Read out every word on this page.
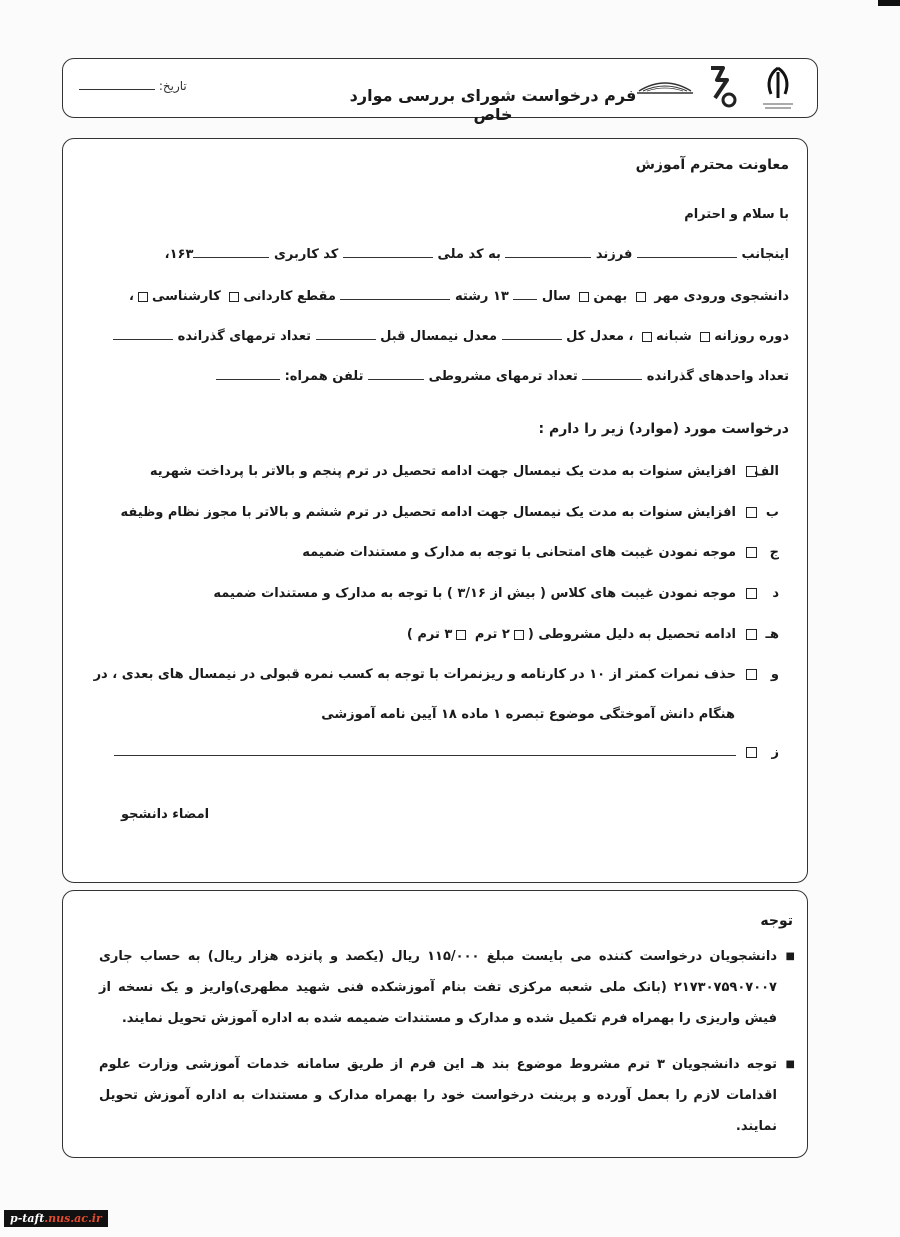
تاریخ:	فرم درخواست شورای بررسی موارد خاص
معاونت محترم آموزش
با سلام و احترام
اینجانب  فرزند  به کد ملی  کد کاربری ۱۶۳،
دانشجوی ورودی مهر  بهمن سال  ۱۳ رشته  مقطع کاردانی کارشناسی،
دوره روزانه شبانه ، معدل کل  معدل نیمسال قبل  تعداد ترمهای گذرانده
تعداد واحدهای گذرانده  تعداد ترمهای مشروطی  تلفن همراه:
درخواست مورد (موارد) زیر را دارم :
الفافزایش سنوات به مدت یک نیمسال جهت ادامه تحصیل در ترم پنجم و بالاتر با پرداخت شهریه
بافزایش سنوات به مدت یک نیمسال جهت ادامه تحصیل در ترم ششم و بالاتر با مجوز نظام وظیفه
جموجه نمودن غیبت های امتحانی با توجه به مدارک و مستندات ضمیمه
دموجه نمودن غیبت های کلاس ( بیش از ۳/۱۶ ) با توجه به مدارک و مستندات ضمیمه
هـادامه تحصیل به دلیل مشروطی (۲ ترم ۳ ترم )
وحذف نمرات کمتر از ۱۰ در کارنامه و ریزنمرات با توجه به کسب نمره قبولی در نیمسال های بعدی ، در
هنگام دانش آموختگی موضوع تبصره ۱ ماده ۱۸ آیین نامه آموزشی
ز
امضاء دانشجو
توجه
■
دانشجویان درخواست کننده می بایست مبلغ ۱۱۵/۰۰۰ ریال (یکصد و پانزده هزار ریال) به حساب جاری ۲۱۷۳۰۷۵۹۰۷۰۰۷ (بانک ملی شعبه مرکزی تفت بنام آموزشکده فنی شهید مطهری)واریز و یک نسخه از فیش واریزی را بهمراه فرم تکمیل شده و مدارک و مستندات ضمیمه شده به اداره آموزش تحویل نمایند.
■
توجه دانشجویان ۳ ترم مشروط موضوع بند هـ این فرم از طریق سامانه خدمات آموزشی وزارت علوم اقدامات لازم را بعمل آورده و پرینت درخواست خود را بهمراه مدارک و مستندات به اداره آموزش تحویل نمایند.
p-taft.nus.ac.ir
